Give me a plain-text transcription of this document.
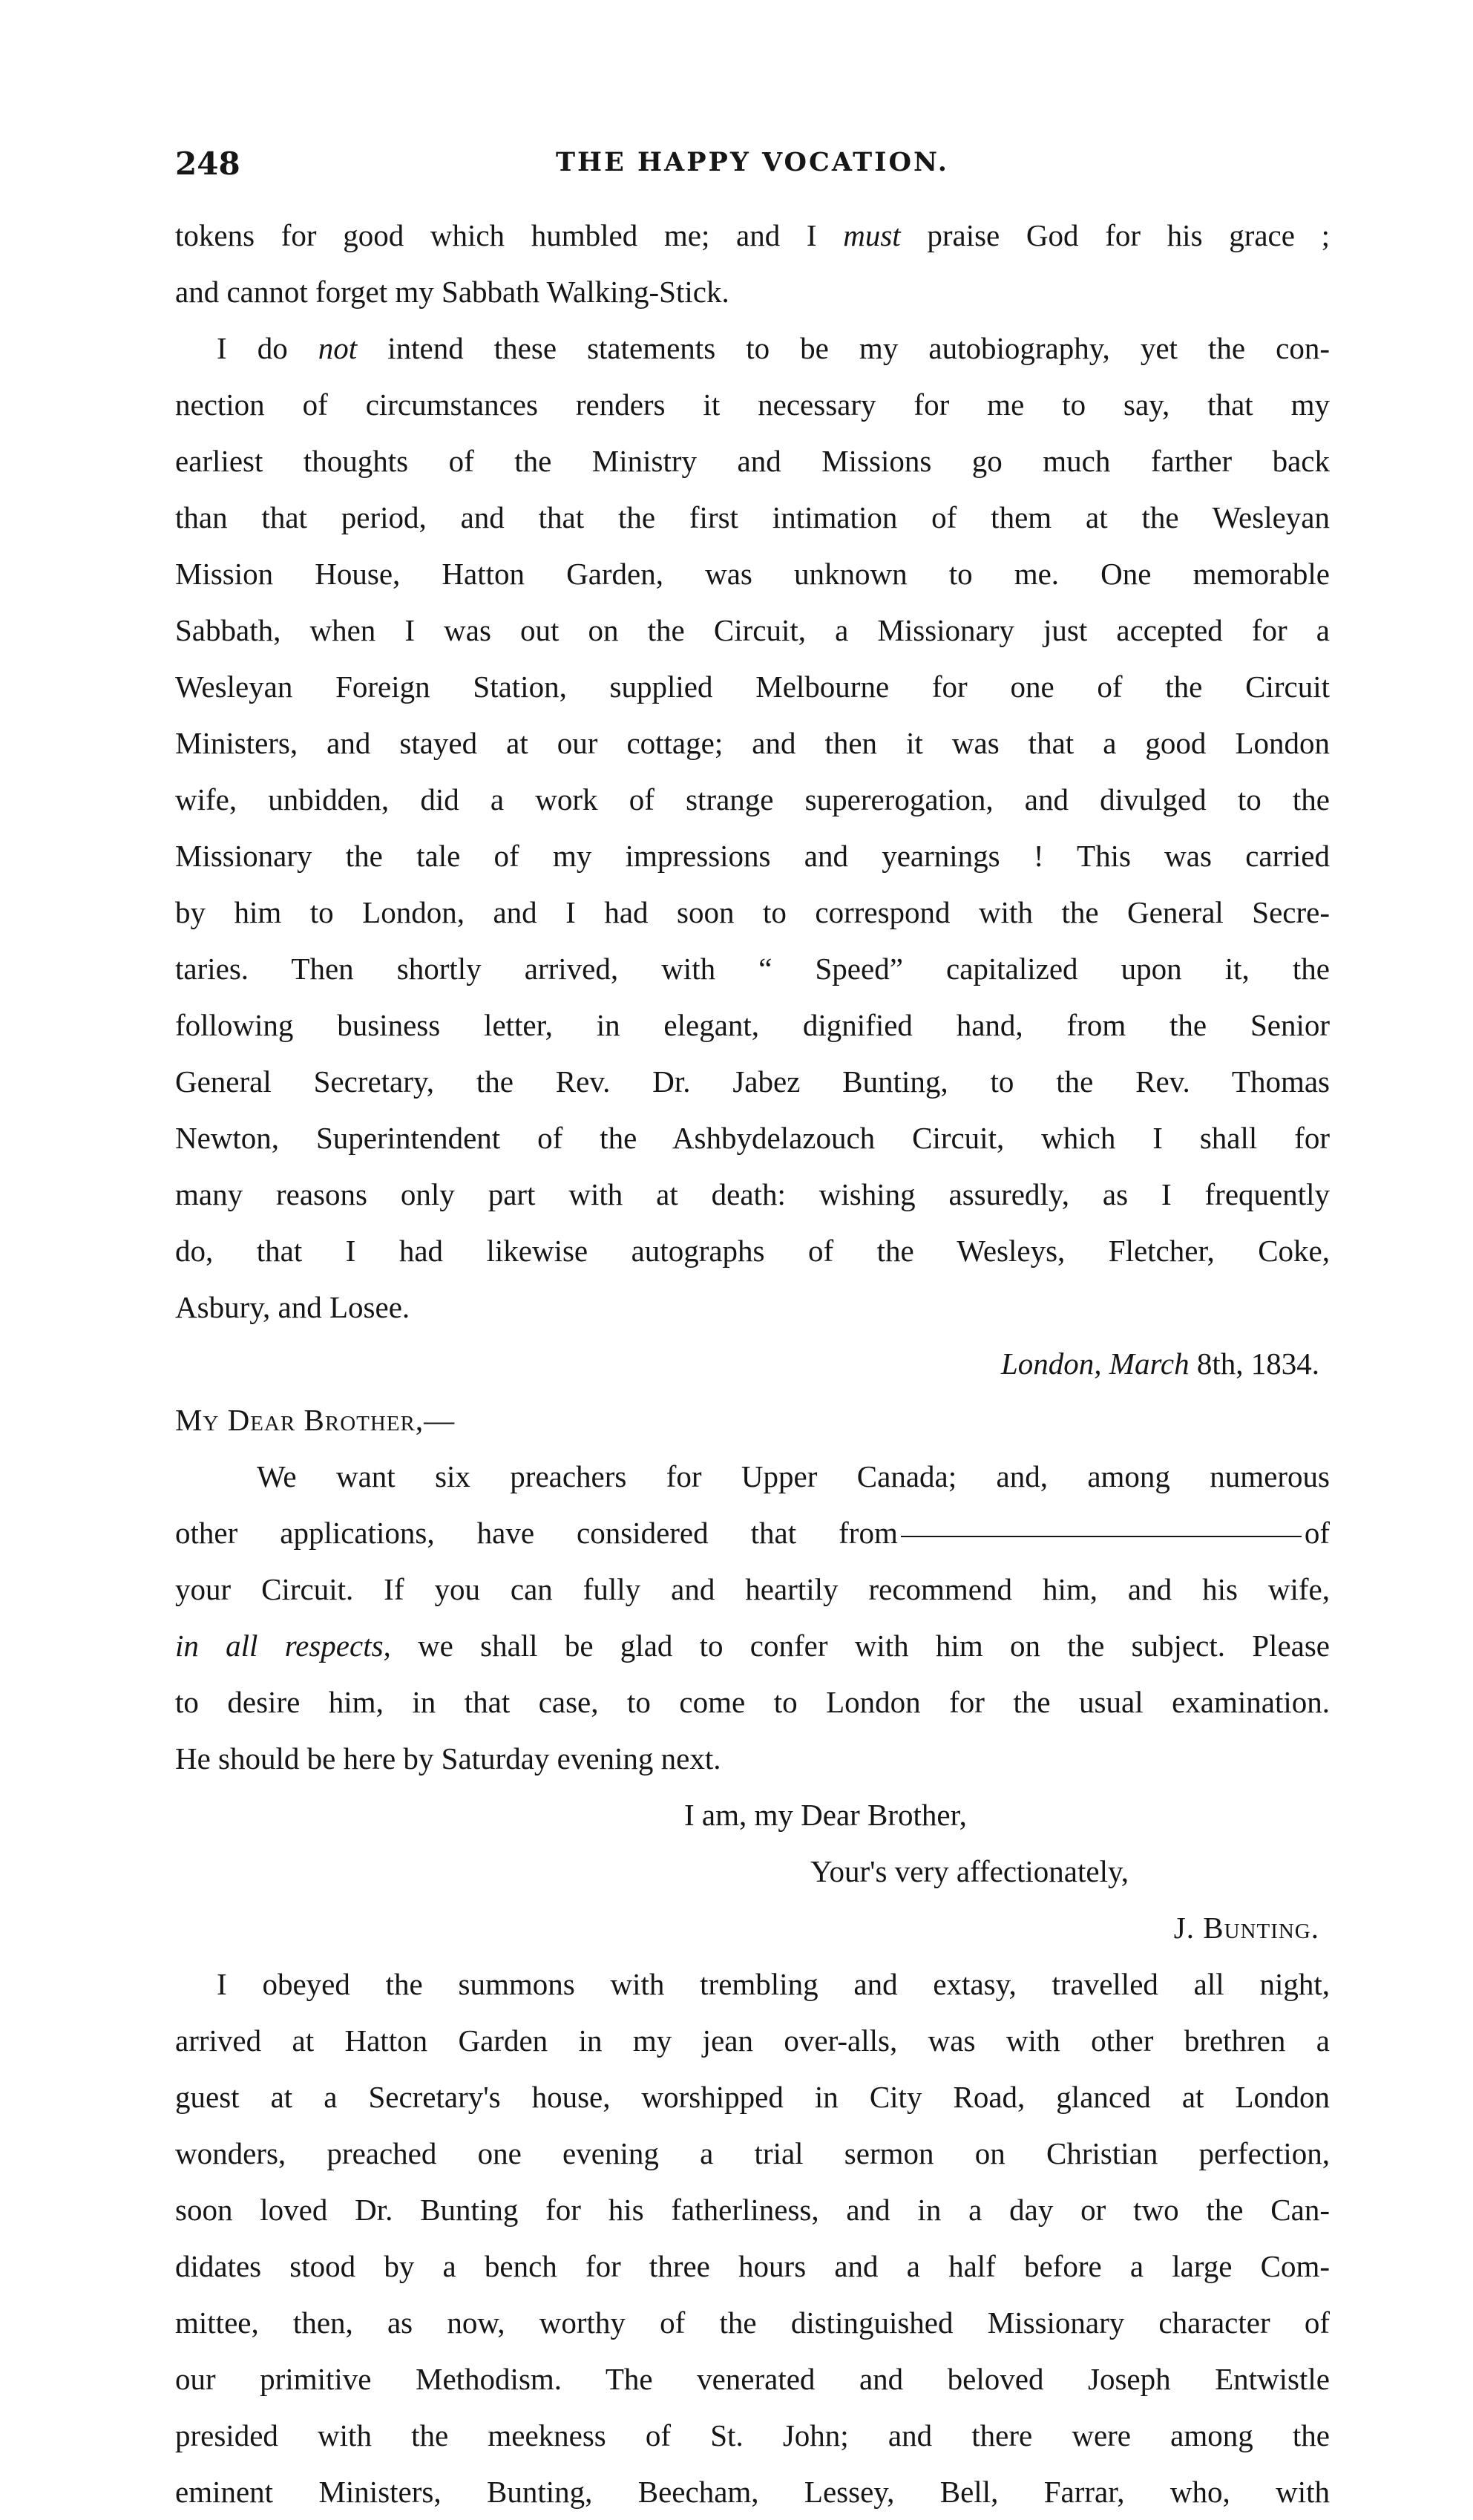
248	THE HAPPY VOCATION.
tokens for good which humbled me; and I must praise God for his grace ;
and cannot forget my Sabbath Walking-Stick.
I do not intend these statements to be my autobiography, yet the con-
nection of circumstances renders it necessary for me to say, that my
earliest thoughts of the Ministry and Missions go much farther back
than that period, and that the first intimation of them at the Wesleyan
Mission House, Hatton Garden, was unknown to me. One memorable
Sabbath, when I was out on the Circuit, a Missionary just accepted for a
Wesleyan Foreign Station, supplied Melbourne for one of the Circuit
Ministers, and stayed at our cottage; and then it was that a good London
wife, unbidden, did a work of strange supererogation, and divulged to the
Missionary the tale of my impressions and yearnings ! This was carried
by him to London, and I had soon to correspond with the General Secre-
taries. Then shortly arrived, with “ Speed” capitalized upon it, the
following business letter, in elegant, dignified hand, from the Senior
General Secretary, the Rev. Dr. Jabez Bunting, to the Rev. Thomas
Newton, Superintendent of the Ashbydelazouch Circuit, which I shall for
many reasons only part with at death: wishing assuredly, as I frequently
do, that I had likewise autographs of the Wesleys, Fletcher, Coke,
Asbury, and Losee.
London, March 8th, 1834.
My Dear Brother,—
We want six preachers for Upper Canada; and, among numerous
other applications, have considered that from	of
your Circuit. If you can fully and heartily recommend him, and his wife,
in all respects, we shall be glad to confer with him on the subject. Please
to desire him, in that case, to come to London for the usual examination.
He should be here by Saturday evening next.
I am, my Dear Brother,
Your's very affectionately,
J. Bunting.
I obeyed the summons with trembling and extasy, travelled all night,
arrived at Hatton Garden in my jean over-alls, was with other brethren a
guest at a Secretary's house, worshipped in City Road, glanced at London
wonders, preached one evening a trial sermon on Christian perfection,
soon loved Dr. Bunting for his fatherliness, and in a day or two the Can-
didates stood by a bench for three hours and a half before a large Com-
mittee, then, as now, worthy of the distinguished Missionary character of
our primitive Methodism. The venerated and beloved Joseph Entwistle
presided with the meekness of St. John; and there were among the
eminent Ministers, Bunting, Beecham, Lessey, Bell, Farrar, who, with
